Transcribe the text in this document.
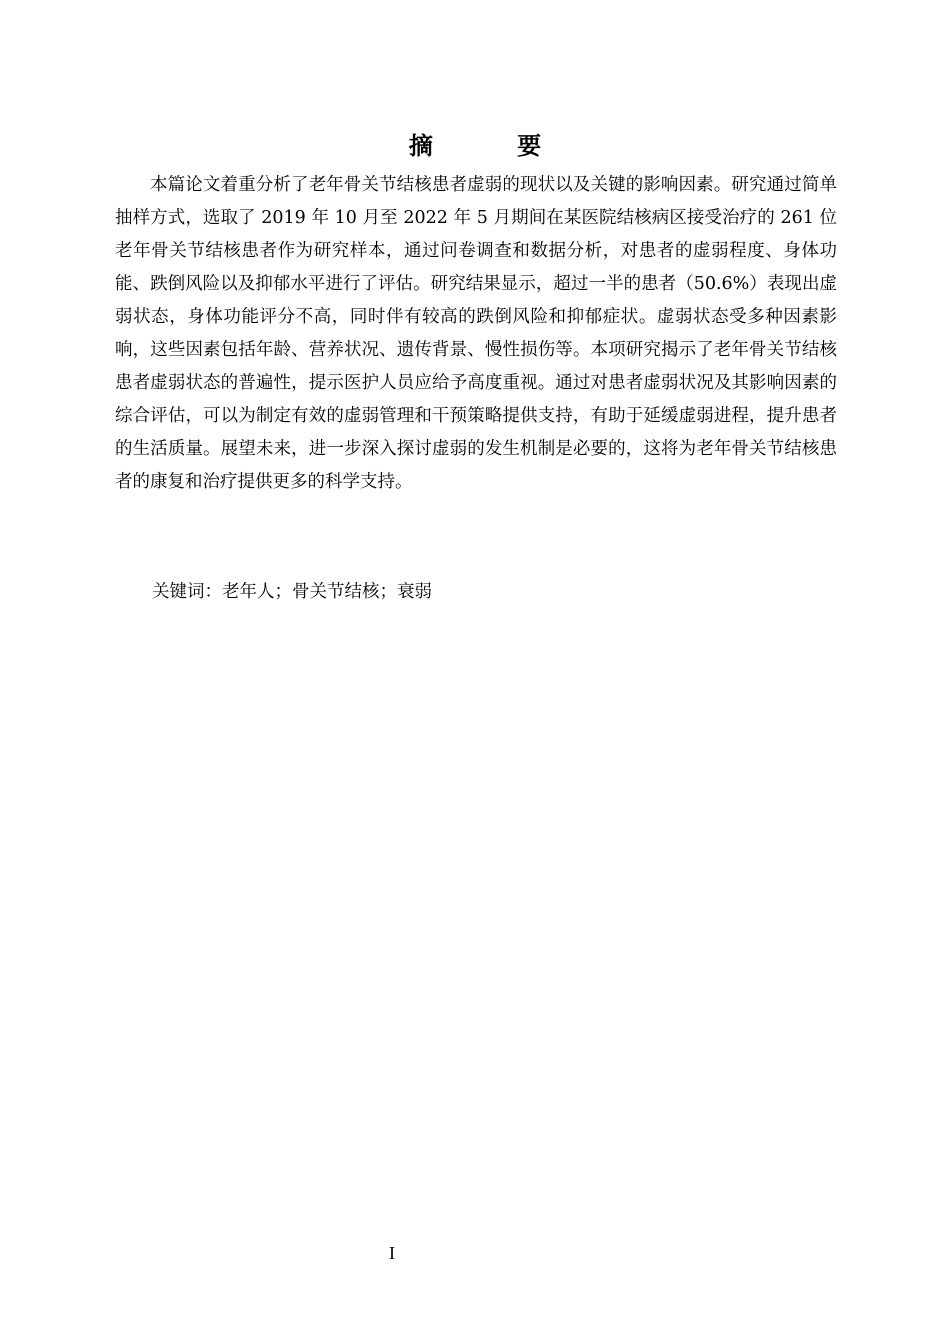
摘 要

本篇论文着重分析了老年骨关节结核患者虚弱的现状以及关键的影响因素。研究通过简单抽样方式，选取了 2019 年 10 月至 2022 年 5 月期间在某医院结核病区接受治疗的 261 位老年骨关节结核患者作为研究样本，通过问卷调查和数据分析，对患者的虚弱程度、身体功能、跌倒风险以及抑郁水平进行了评估。研究结果显示，超过一半的患者（50.6%）表现出虚弱状态，身体功能评分不高，同时伴有较高的跌倒风险和抑郁症状。虚弱状态受多种因素影响，这些因素包括年龄、营养状况、遗传背景、慢性损伤等。本项研究揭示了老年骨关节结核患者虚弱状态的普遍性，提示医护人员应给予高度重视。通过对患者虚弱状况及其影响因素的综合评估，可以为制定有效的虚弱管理和干预策略提供支持，有助于延缓虚弱进程，提升患者的生活质量。展望未来，进一步深入探讨虚弱的发生机制是必要的，这将为老年骨关节结核患者的康复和治疗提供更多的科学支持。

关键词：老年人；骨关节结核；衰弱
I
